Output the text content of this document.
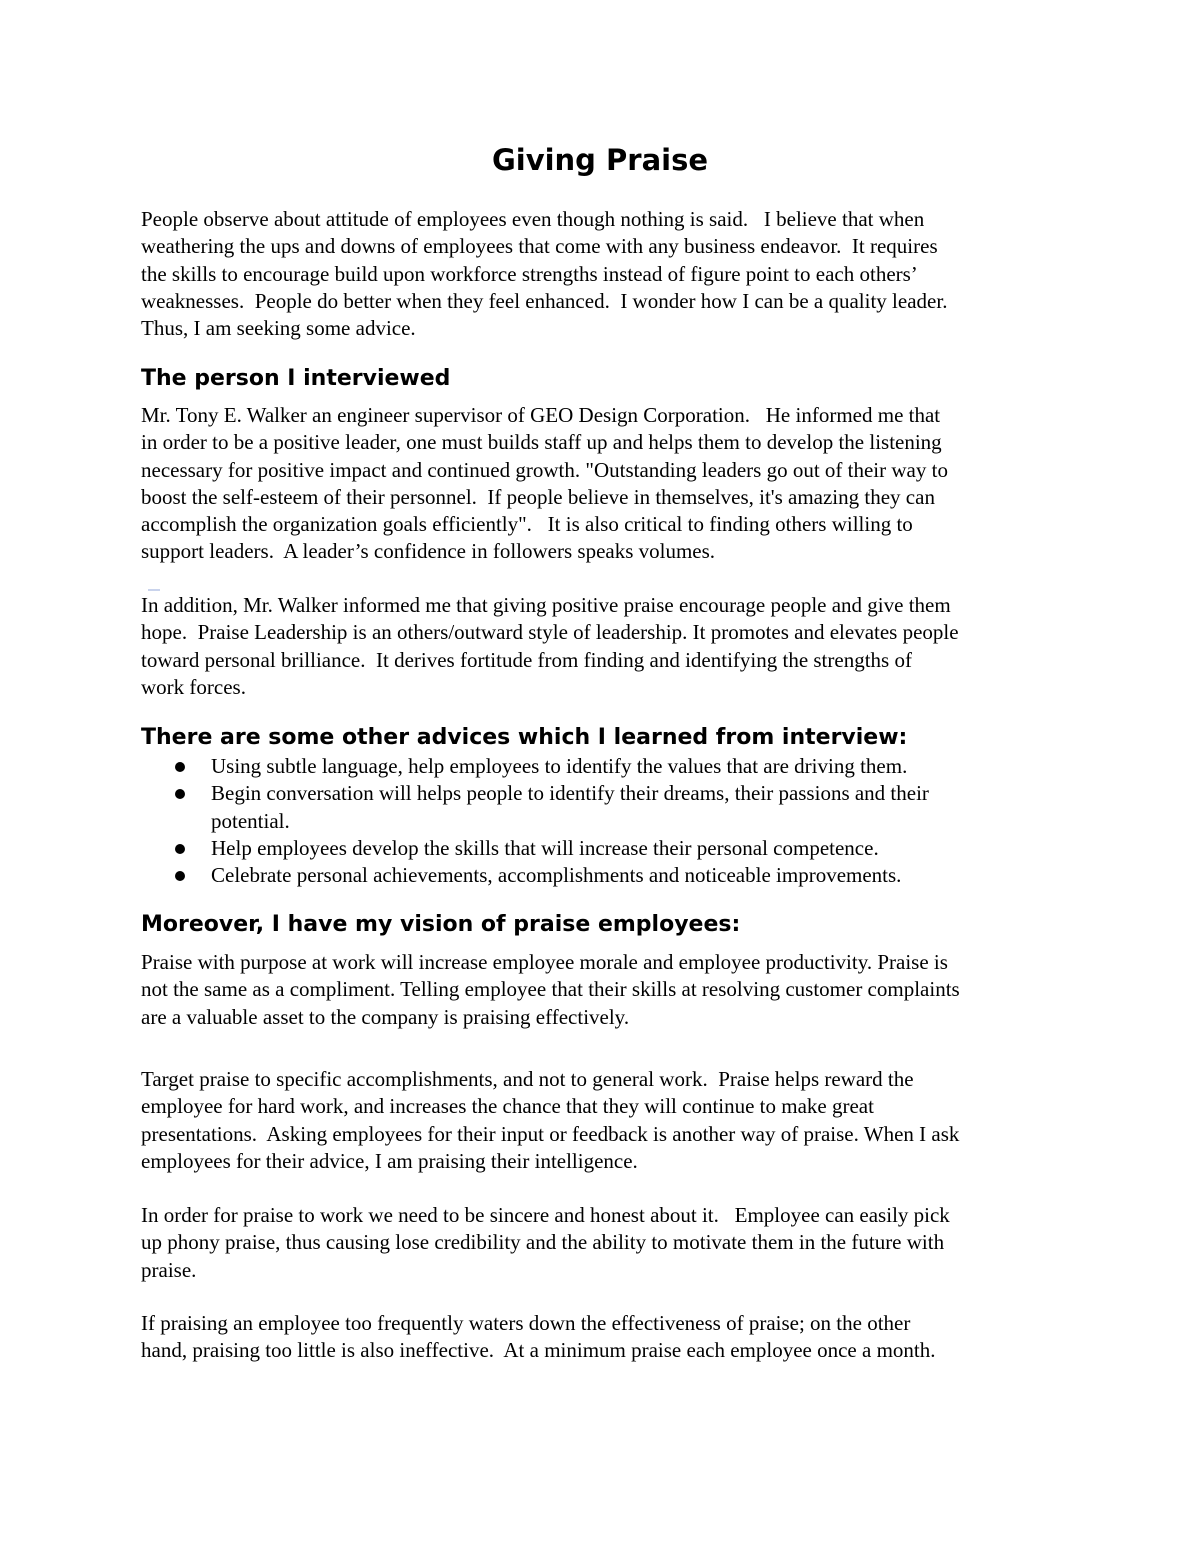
Giving Praise
People observe about attitude of employees even though nothing is said.   I believe that when
weathering the ups and downs of employees that come with any business endeavor.  It requires
the skills to encourage build upon workforce strengths instead of figure point to each others’
weaknesses.  People do better when they feel enhanced.  I wonder how I can be a quality leader.
Thus, I am seeking some advice.
The person I interviewed
Mr. Tony E. Walker an engineer supervisor of GEO Design Corporation.   He informed me that
in order to be a positive leader, one must builds staff up and helps them to develop the listening
necessary for positive impact and continued growth. "Outstanding leaders go out of their way to
boost the self-esteem of their personnel.  If people believe in themselves, it's amazing they can
accomplish the organization goals efficiently".   It is also critical to finding others willing to
support leaders.  A leader’s confidence in followers speaks volumes.
In addition, Mr. Walker informed me that giving positive praise encourage people and give them
hope.  Praise Leadership is an others/outward style of leadership. It promotes and elevates people
toward personal brilliance.  It derives fortitude from finding and identifying the strengths of
work forces.
There are some other advices which I learned from interview:
Using subtle language, help employees to identify the values that are driving them.
Begin conversation will helps people to identify their dreams, their passions and their
potential.
Help employees develop the skills that will increase their personal competence.
Celebrate personal achievements, accomplishments and noticeable improvements.
Moreover, I have my vision of praise employees:
Praise with purpose at work will increase employee morale and employee productivity. Praise is
not the same as a compliment. Telling employee that their skills at resolving customer complaints
are a valuable asset to the company is praising effectively.
Target praise to specific accomplishments, and not to general work.  Praise helps reward the
employee for hard work, and increases the chance that they will continue to make great
presentations.  Asking employees for their input or feedback is another way of praise. When I ask
employees for their advice, I am praising their intelligence.
In order for praise to work we need to be sincere and honest about it.   Employee can easily pick
up phony praise, thus causing lose credibility and the ability to motivate them in the future with
praise.
If praising an employee too frequently waters down the effectiveness of praise; on the other
hand, praising too little is also ineffective.  At a minimum praise each employee once a month.
